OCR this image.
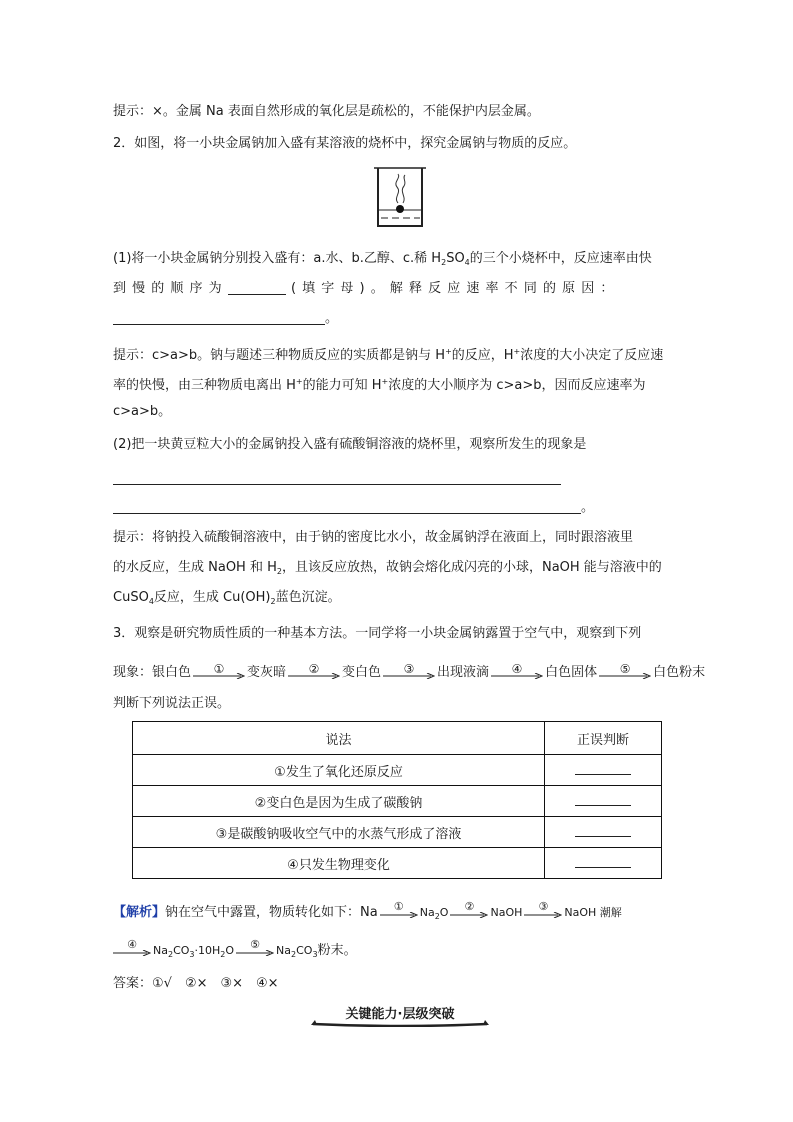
提示：×。金属 Na 表面自然形成的氧化层是疏松的，不能保护内层金属。
2．如图，将一小块金属钠加入盛有某溶液的烧杯中，探究金属钠与物质的反应。
(1)将一小块金属钠分别投入盛有：a.水、b.乙醇、c.稀 $H_2SO_4$的三个小烧杯中，反应速率由快
到 慢 的 顺 序 为	( 填 字 母 ) 。 解 释 反 应 速 率 不 同 的 原 因 ：
。
提示：c>a>b。钠与题述三种物质反应的实质都是钠与 H+的反应，H+浓度的大小决定了反应速
率的快慢，由三种物质电离出 H+的能力可知 H+浓度的大小顺序为 c>a>b，因而反应速率为
c>a>b。
(2)把一块黄豆粒大小的金属钠投入盛有硫酸铜溶液的烧杯里，观察所发生的现象是
。
提示：将钠投入硫酸铜溶液中，由于钠的密度比水小，故金属钠浮在液面上，同时跟溶液里
的水反应，生成 NaOH 和 $H_2$，且该反应放热，故钠会熔化成闪亮的小球，NaOH 能与溶液中的
CuSO$_4$反应，生成 $Cu(OH)_2$蓝色沉淀。
3．观察是研究物质性质的一种基本方法。一同学将一小块金属钠露置于空气中，观察到下列
现象：银白色	①	变灰暗	②	变白色	③	出现液滴	④	白色固体	⑤	白色粉末
判断下列说法正误。
说法	正误判断
①发生了氧化还原反应	
②变白色是因为生成了碳酸钠	
③是碳酸钠吸收空气中的水蒸气形成了溶液	
④只发生物理变化	
【解析】钠在空气中露置，物质转化如下：Na	①	$Na_2O$	②	NaOH	③	NaOH 潮解
④	$Na_2CO_3\cdot 10H_2O$	⑤	$Na_2CO_3$粉末。
答案：①√　②×　③×　④×
关键能力·层级突破
